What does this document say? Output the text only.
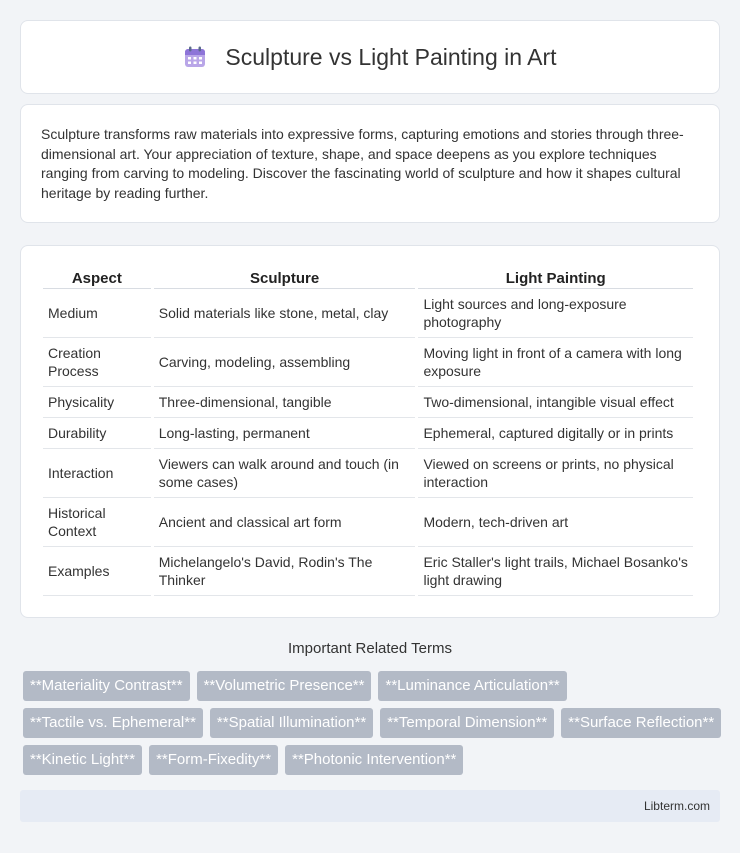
Sculpture vs Light Painting in Art

Sculpture transforms raw materials into expressive forms, capturing emotions and stories through three-dimensional art. Your appreciation of texture, shape, and space deepens as you explore techniques ranging from carving to modeling. Discover the fascinating world of sculpture and how it shapes cultural heritage by reading further.

Aspect	Sculpture	Light Painting
Medium	Solid materials like stone, metal, clay	Light sources and long-exposure photography
Creation Process	Carving, modeling, assembling	Moving light in front of a camera with long exposure
Physicality	Three-dimensional, tangible	Two-dimensional, intangible visual effect
Durability	Long-lasting, permanent	Ephemeral, captured digitally or in prints
Interaction	Viewers can walk around and touch (in some cases)	Viewed on screens or prints, no physical interaction
Historical Context	Ancient and classical art form	Modern, tech-driven art
Examples	Michelangelo's David, Rodin's The Thinker	Eric Staller's light trails, Michael Bosanko's light drawing
Important Related Terms
**Materiality Contrast**	**Volumetric Presence**	**Luminance Articulation**
**Tactile vs. Ephemeral**	**Spatial Illumination**	**Temporal Dimension**	**Surface Reflection**
**Kinetic Light**	**Form-Fixedity**	**Photonic Intervention**
Libterm.com
